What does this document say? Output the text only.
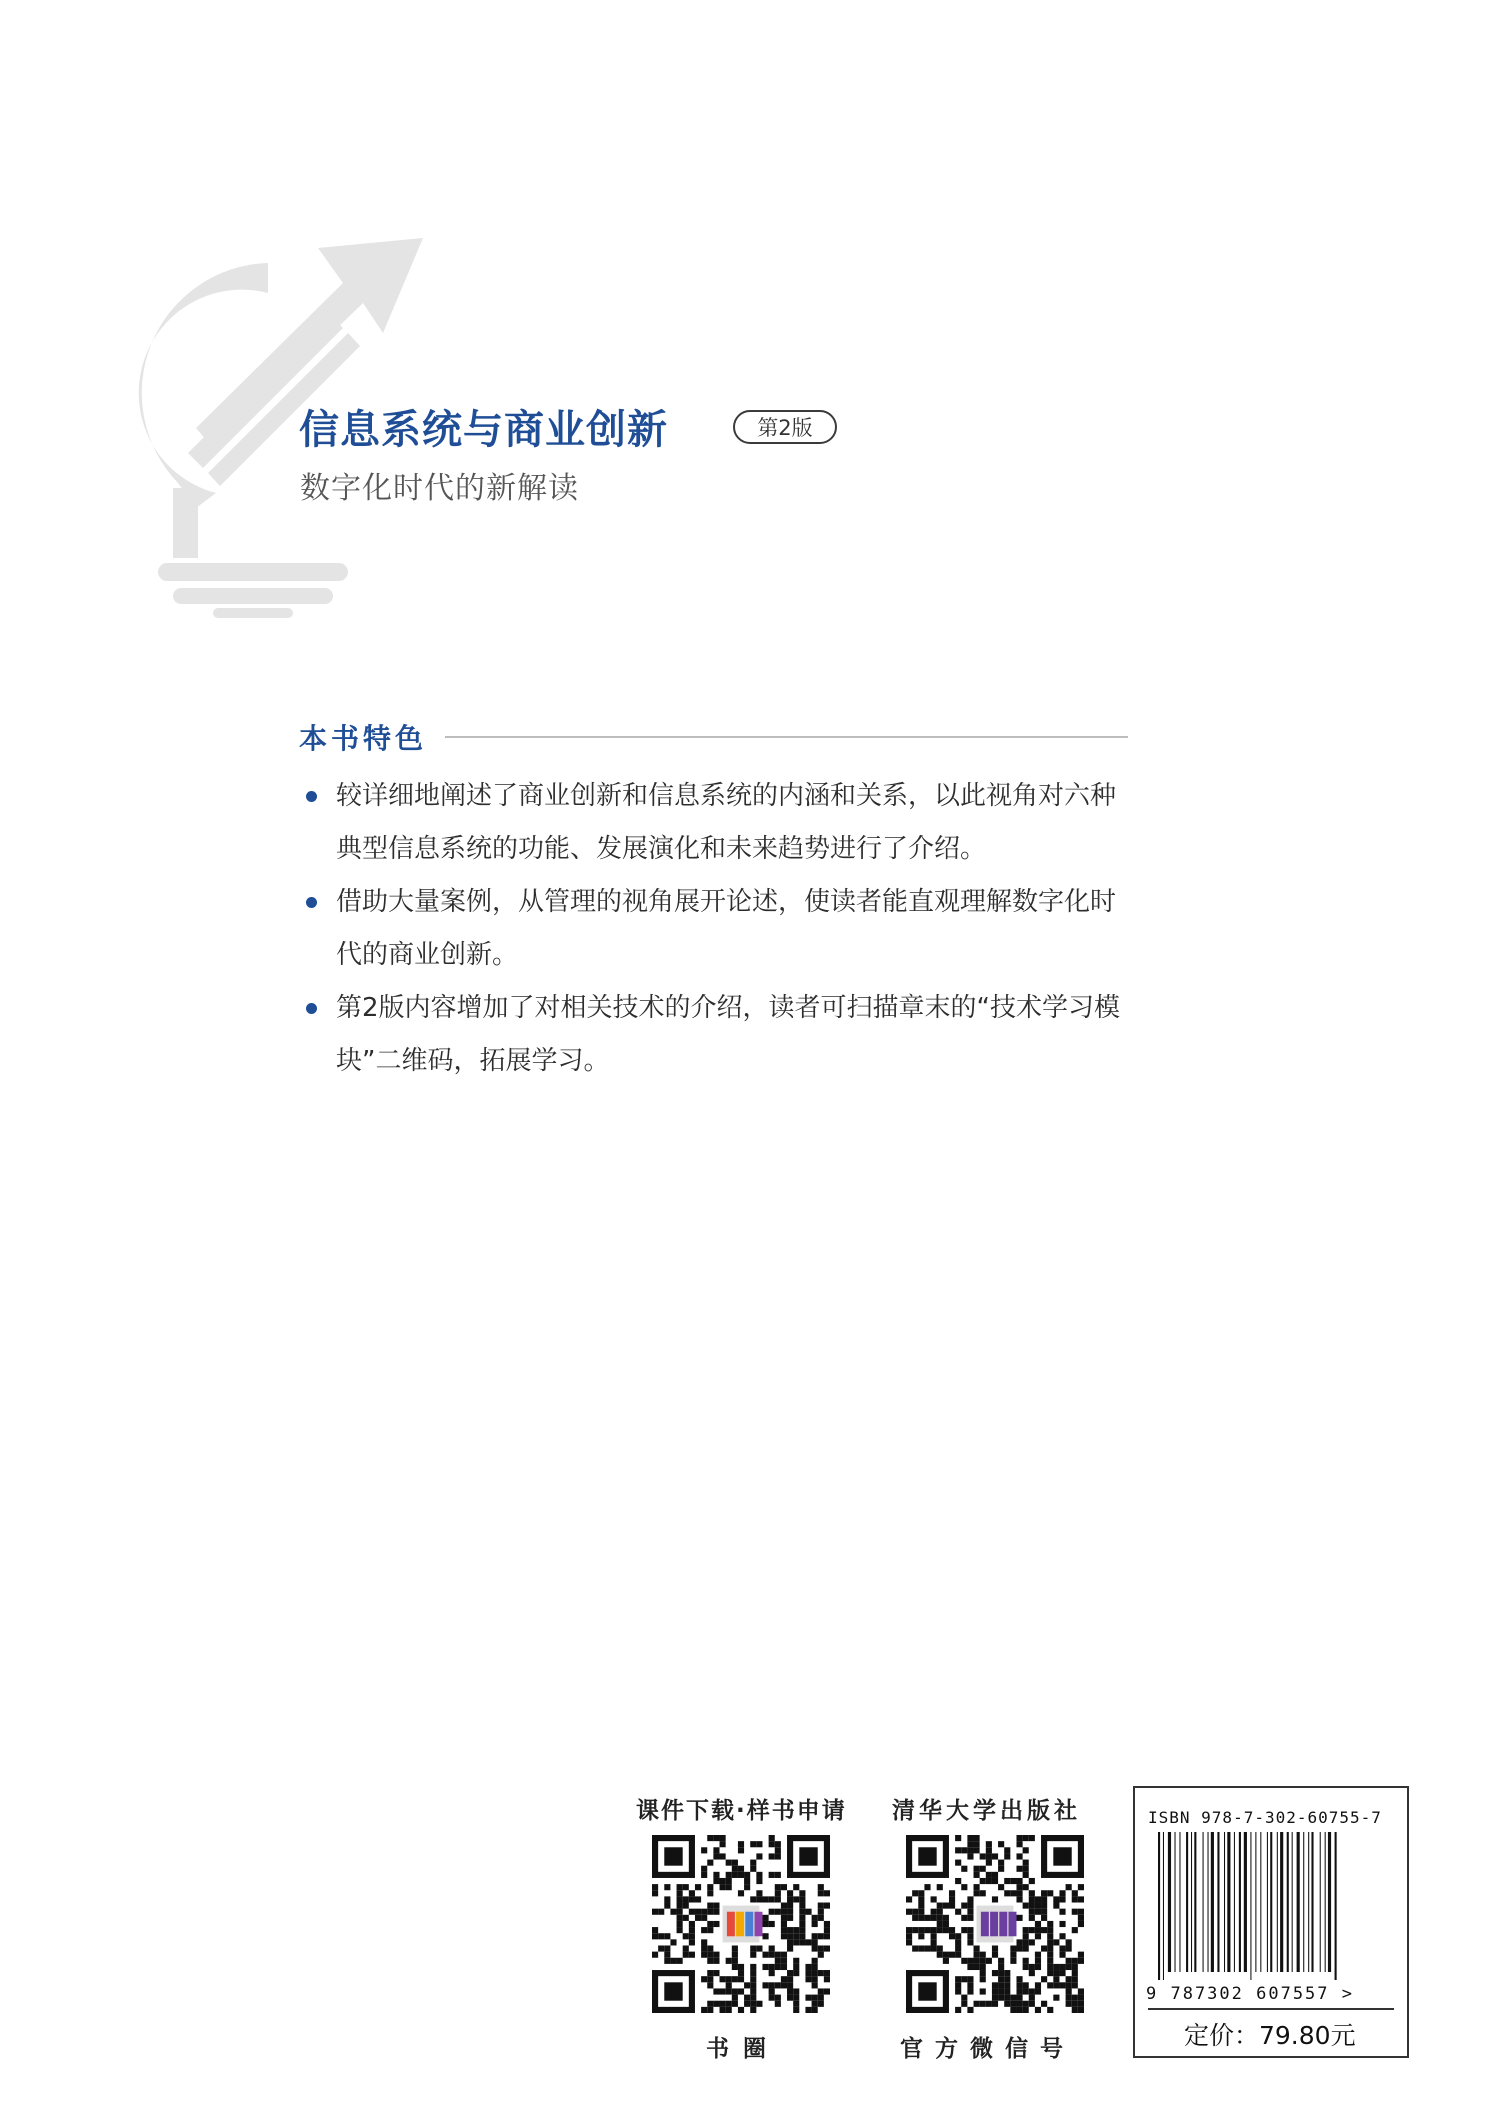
信息系统与商业创新	第2版
数字化时代的新解读
本书特色
较详细地阐述了商业创新和信息系统的内涵和关系，以此视角对六种典型信息系统的功能、发展演化和未来趋势进行了介绍。
借助大量案例，从管理的视角展开论述，使读者能直观理解数字化时代的商业创新。
第2版内容增加了对相关技术的介绍，读者可扫描章末的“技术学习模块”二维码，拓展学习。
课件下载·样书申请
书圈
清华大学出版社
官方微信号
ISBN 978-7-302-60755-7
9 787302 607557 >
定价：79.80元
